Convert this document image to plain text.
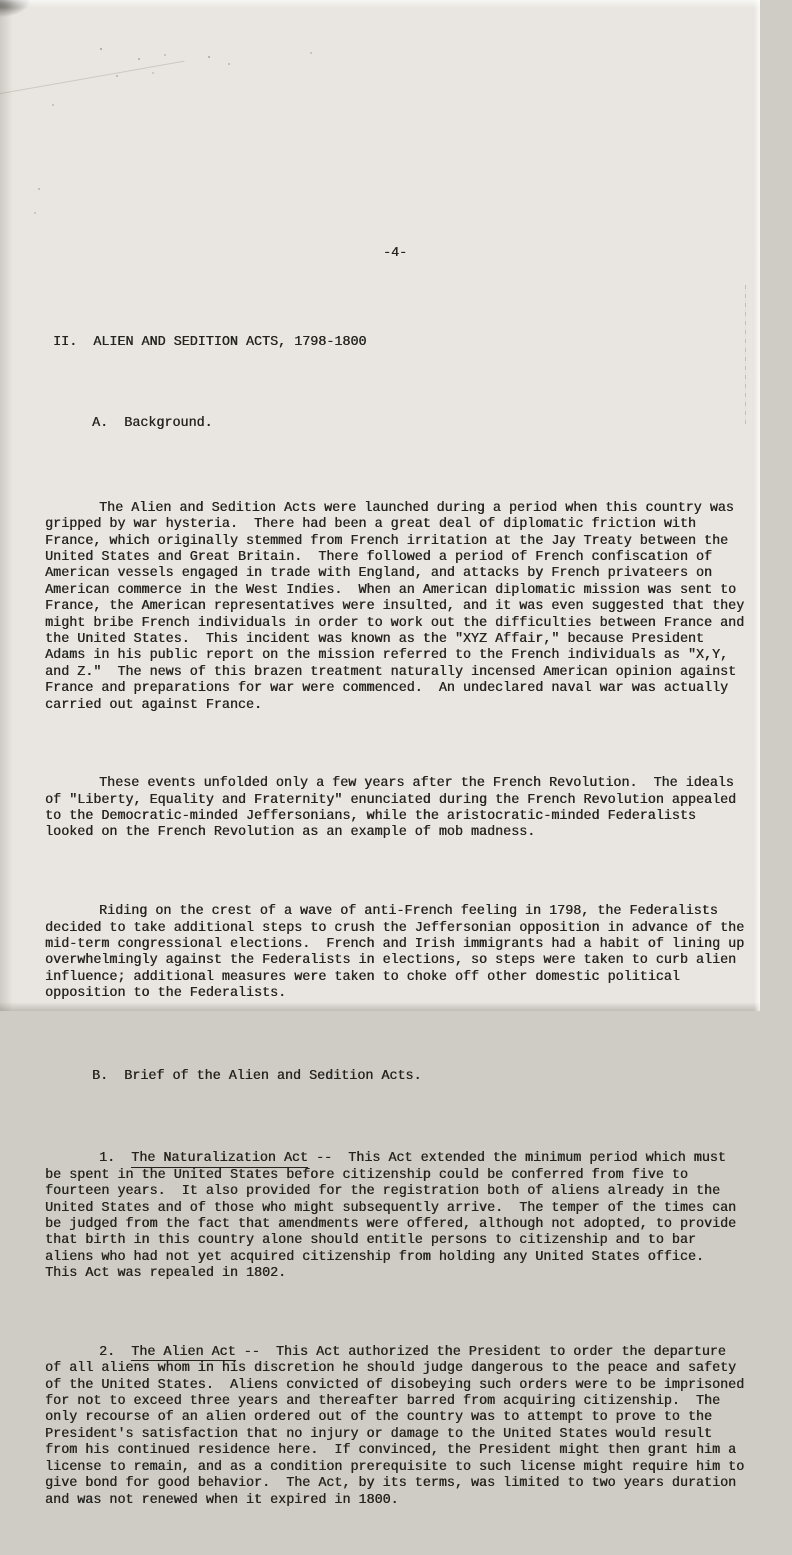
-4-

II.  ALIEN AND SEDITION ACTS, 1798-1800

A.  Background.

The Alien and Sedition Acts were launched during a period when this country was gripped by war hysteria.  There had been a great deal of diplomatic friction with France, which originally stemmed from French irritation at the Jay Treaty between the United States and Great Britain.  There followed a period of French confiscation of American vessels engaged in trade with England, and attacks by French privateers on American commerce in the West Indies.  When an American diplomatic mission was sent to France, the American representatives were insulted, and it was even suggested that they might bribe French individuals in order to work out the difficulties between France and the United States.  This incident was known as the "XYZ Affair," because President Adams in his public report on the mission referred to the French individuals as "X,Y, and Z."  The news of this brazen treatment naturally incensed American opinion against France and preparations for war were commenced.  An undeclared naval war was actually carried out against France.

These events unfolded only a few years after the French Revolution.  The ideals of "Liberty, Equality and Fraternity" enunciated during the French Revolution appealed to the Democratic-minded Jeffersonians, while the aristocratic-minded Federalists looked on the French Revolution as an example of mob madness.

Riding on the crest of a wave of anti-French feeling in 1798, the Federalists decided to take additional steps to crush the Jeffersonian opposition in advance of the mid-term congressional elections.  French and Irish immigrants had a habit of lining up overwhelmingly against the Federalists in elections, so steps were taken to curb alien influence; additional measures were taken to choke off other domestic political opposition to the Federalists.

B.  Brief of the Alien and Sedition Acts.

1.  The Naturalization Act --  This Act extended the minimum period which must be spent in the United States before citizenship could be conferred from five to fourteen years.  It also provided for the registration both of aliens already in the United States and of those who might subsequently arrive.  The temper of the times can be judged from the fact that amendments were offered, although not adopted, to provide that birth in this country alone should entitle persons to citizenship and to bar aliens who had not yet acquired citizenship from holding any United States office.  This Act was repealed in 1802.

2.  The Alien Act --  This Act authorized the President to order the departure of all aliens whom in his discretion he should judge dangerous to the peace and safety of the United States.  Aliens convicted of disobeying such orders were to be imprisoned for not to exceed three years and thereafter barred from acquiring citizenship.  The only recourse of an alien ordered out of the country was to attempt to prove to the President's satisfaction that no injury or damage to the United States would result from his continued residence here.  If convinced, the President might then grant him a license to remain, and as a condition prerequisite to such license might require him to give bond for good behavior.  The Act, by its terms, was limited to two years duration and was not renewed when it expired in 1800.
